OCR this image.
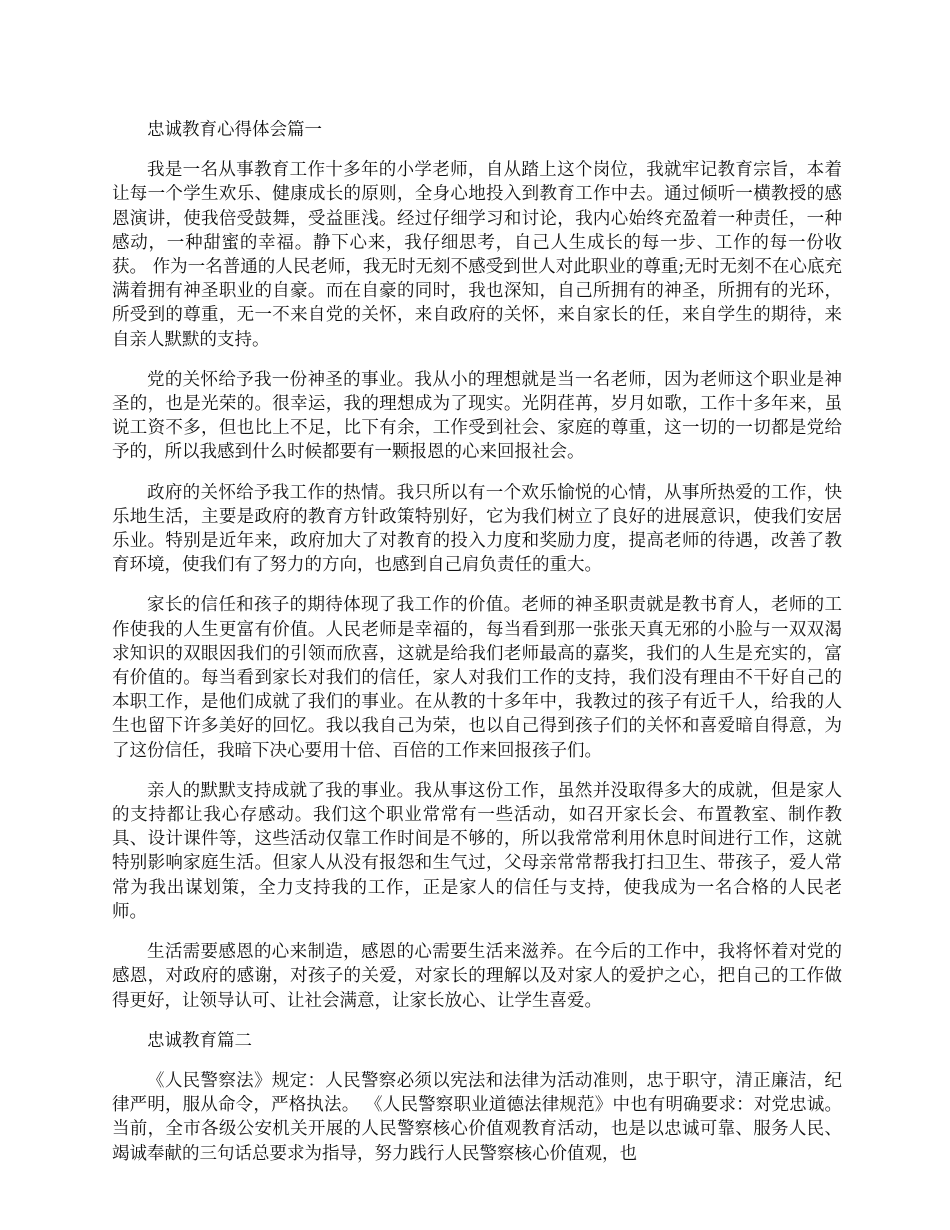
忠诚教育心得体会篇一

我是一名从事教育工作十多年的小学老师，自从踏上这个岗位，我就牢记教育宗旨，本着让每一个学生欢乐、健康成长的原则，全身心地投入到教育工作中去。通过倾听一横教授的感恩演讲，使我倍受鼓舞，受益匪浅。经过仔细学习和讨论，我内心始终充盈着一种责任，一种感动，一种甜蜜的幸福。静下心来，我仔细思考，自己人生成长的每一步、工作的每一份收获。 作为一名普通的人民老师，我无时无刻不感受到世人对此职业的尊重;无时无刻不在心底充满着拥有神圣职业的自豪。而在自豪的同时，我也深知，自己所拥有的神圣，所拥有的光环，所受到的尊重，无一不来自党的关怀，来自政府的关怀，来自家长的任，来自学生的期待，来自亲人默默的支持。

党的关怀给予我一份神圣的事业。我从小的理想就是当一名老师，因为老师这个职业是神圣的，也是光荣的。很幸运，我的理想成为了现实。光阴荏苒，岁月如歌，工作十多年来，虽说工资不多，但也比上不足，比下有余，工作受到社会、家庭的尊重，这一切的一切都是党给予的，所以我感到什么时候都要有一颗报恩的心来回报社会。

政府的关怀给予我工作的热情。我只所以有一个欢乐愉悦的心情，从事所热爱的工作，快乐地生活，主要是政府的教育方针政策特别好，它为我们树立了良好的进展意识，使我们安居乐业。特别是近年来，政府加大了对教育的投入力度和奖励力度，提高老师的待遇，改善了教育环境，使我们有了努力的方向，也感到自己肩负责任的重大。

家长的信任和孩子的期待体现了我工作的价值。老师的神圣职责就是教书育人，老师的工作使我的人生更富有价值。人民老师是幸福的，每当看到那一张张天真无邪的小脸与一双双渴求知识的双眼因我们的引领而欣喜，这就是给我们老师最高的嘉奖，我们的人生是充实的，富有价值的。每当看到家长对我们的信任，家人对我们工作的支持，我们没有理由不干好自己的本职工作，是他们成就了我们的事业。在从教的十多年中，我教过的孩子有近千人，给我的人生也留下许多美好的回忆。我以我自己为荣，也以自己得到孩子们的关怀和喜爱暗自得意，为了这份信任，我暗下决心要用十倍、百倍的工作来回报孩子们。

亲人的默默支持成就了我的事业。我从事这份工作，虽然并没取得多大的成就，但是家人的支持都让我心存感动。我们这个职业常常有一些活动，如召开家长会、布置教室、制作教具、设计课件等，这些活动仅靠工作时间是不够的，所以我常常利用休息时间进行工作，这就特别影响家庭生活。但家人从没有报怨和生气过，父母亲常常帮我打扫卫生、带孩子，爱人常常为我出谋划策，全力支持我的工作，正是家人的信任与支持，使我成为一名合格的人民老师。

生活需要感恩的心来制造，感恩的心需要生活来滋养。在今后的工作中，我将怀着对党的感恩，对政府的感谢，对孩子的关爱，对家长的理解以及对家人的爱护之心，把自己的工作做得更好，让领导认可、让社会满意，让家长放心、让学生喜爱。

忠诚教育篇二

《人民警察法》规定：人民警察必须以宪法和法律为活动准则，忠于职守，清正廉洁，纪律严明，服从命令，严格执法。 《人民警察职业道德法律规范》中也有明确要求：对党忠诚。当前，全市各级公安机关开展的人民警察核心价值观教育活动，也是以忠诚可靠、服务人民、竭诚奉献的三句话总要求为指导，努力践行人民警察核心价值观，也
